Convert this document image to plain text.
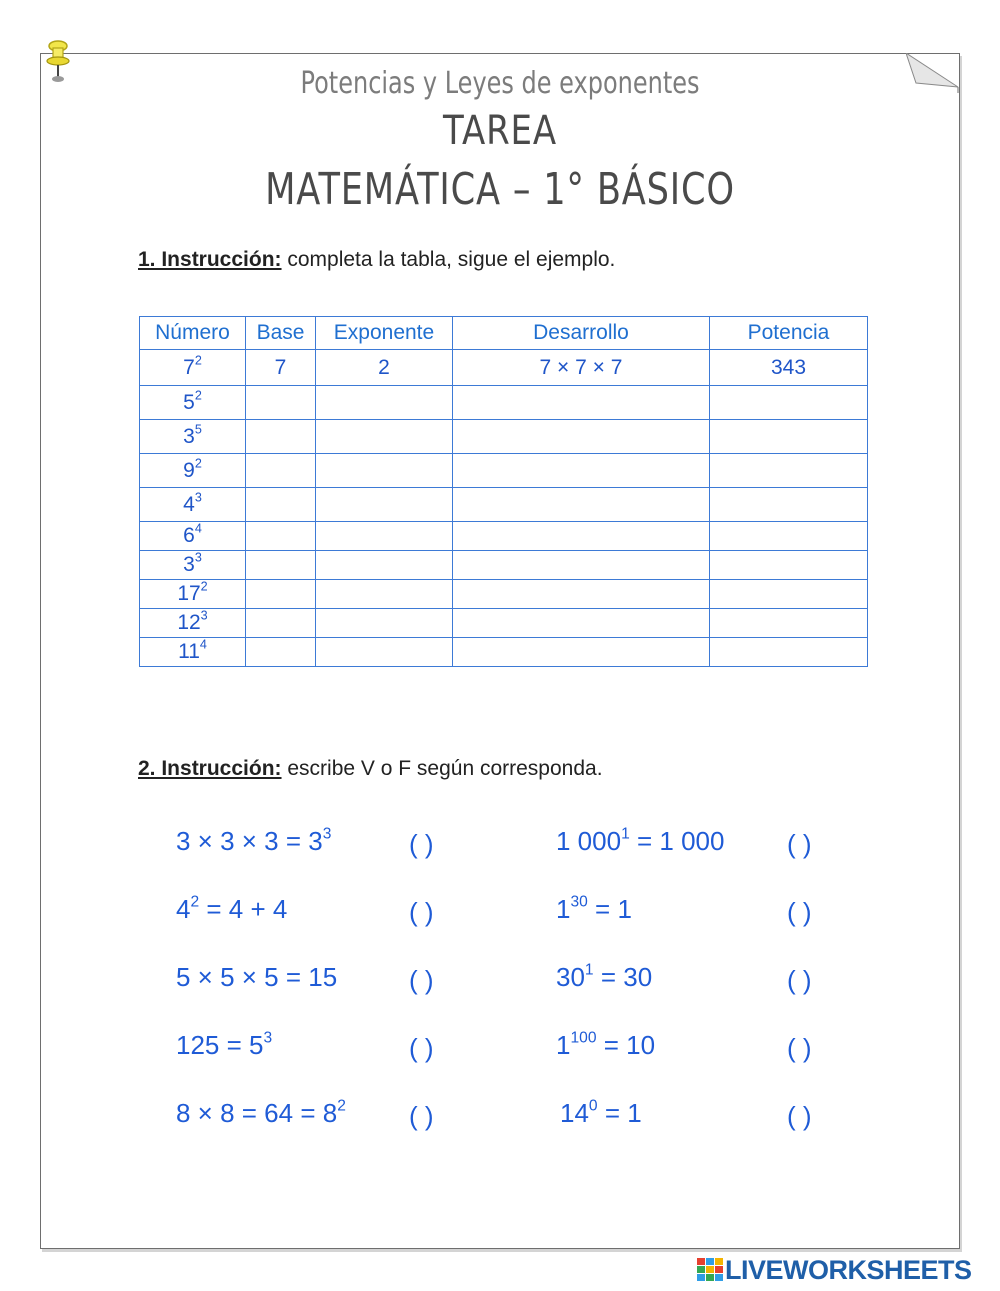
Potencias y Leyes de exponentes
TAREA
MATEMÁTICA – 1° BÁSICO
1. Instrucción: completa la tabla, sigue el ejemplo.
Número	Base	Exponente	Desarrollo	Potencia
$7^2$	7	2	7 × 7 × 7	343
$5^2$				
$3^5$				
$9^2$				
$4^3$				
$6^4$				
$3^3$				
$17^2$				
$12^3$				
$11^4$				
2. Instrucción: escribe V o F según corresponda.
$3 \times 3 \times 3 = 3^3$
$4^2 = 4 + 4$
5 × 5 × 5 = 15
$125 = 5^3$
$8 \times 8 = 64 = 8^2$
( )
( )
( )
( )
( )
1 $000^1 = 1$ 000
$1^{30} = 1$
$30^1 = 30$
$1^{100} = 10$
$14^0 = 1$
( )
( )
( )
( )
( )
LIVEWORKSHEETS
